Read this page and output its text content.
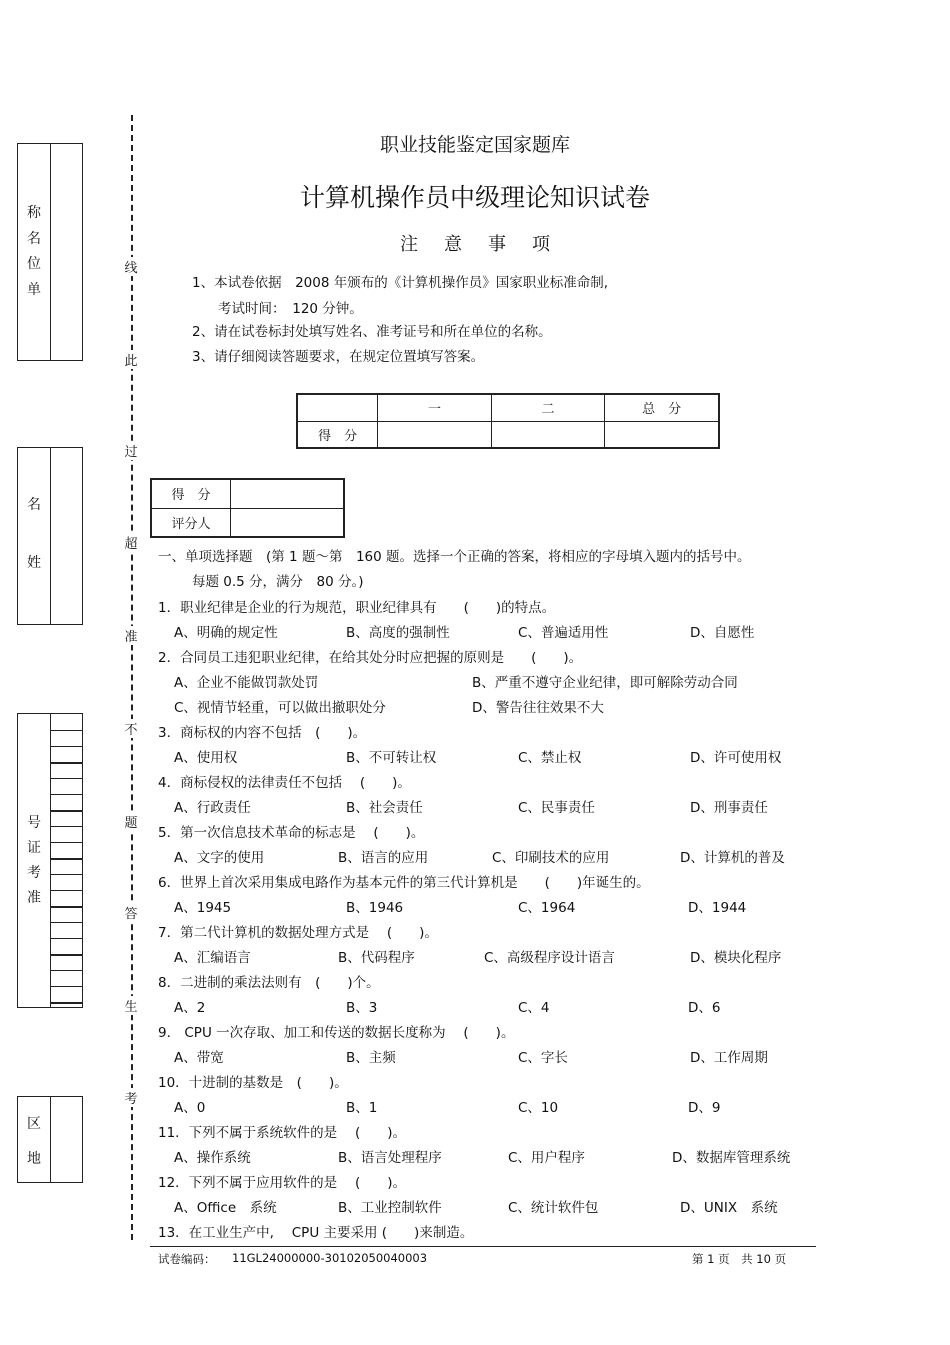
称
名
位
单
名
姓
号
证
考
准
区
地
线
此
过
超
准
不
题
答
生
考
职业技能鉴定国家题库
计算机操作员中级理论知识试卷
注意事项
1、本试卷依据　2008 年颁布的《计算机操作员》国家职业标准命制,
考试时间：　120 分钟。
2、请在试卷标封处填写姓名、准考证号和所在单位的名称。
3、请仔细阅读答题要求，在规定位置填写答案。
	一	二	总　分
得　分			
得　分	
评分人	
一、单项选择题　(第 1 题～第　160 题。选择一个正确的答案，将相应的字母填入题内的括号中。
每题 0.5 分，满分　80 分。)
1．职业纪律是企业的行为规范，职业纪律具有　　(　　)的特点。
A、明确的规定性	B、高度的强制性	C、普遍适用性	D、自愿性
2．合同员工违犯职业纪律，在给其处分时应把握的原则是　　(　　)。
A、企业不能做罚款处罚	B、严重不遵守企业纪律，即可解除劳动合同
C、视情节轻重，可以做出撤职处分	D、警告往往效果不大
3．商标权的内容不包括　(　　)。
A、使用权	B、不可转让权	C、禁止权	D、许可使用权
4．商标侵权的法律责任不包括　 (　　)。
A、行政责任	B、社会责任	C、民事责任	D、刑事责任
5．第一次信息技术革命的标志是　 (　　)。
A、文字的使用	B、语言的应用	C、印刷技术的应用	D、计算机的普及
6．世界上首次采用集成电路作为基本元件的第三代计算机是　　(　　)年诞生的。
A、1945	B、1946	C、1964	D、1944
7．第二代计算机的数据处理方式是　 (　　)。
A、汇编语言	B、代码程序	C、高级程序设计语言	D、模块化程序
8．二进制的乘法法则有　(　　)个。
A、2	B、3	C、4	D、6
9． CPU 一次存取、加工和传送的数据长度称为　 (　　)。
A、带宽	B、主频	C、字长	D、工作周期
10．十进制的基数是　(　　)。
A、0	B、1	C、10	D、9
11．下列不属于系统软件的是　 (　　)。
A、操作系统	B、语言处理程序	C、用户程序	D、数据库管理系统
12．下列不属于应用软件的是　 (　　)。
A、Office　系统	B、工业控制软件	C、统计软件包	D、UNIX　系统
13．在工业生产中,　 CPU 主要采用 (　　)来制造。
试卷编码： 11GL24000000-30102050040003	第 1 页　共 10 页
